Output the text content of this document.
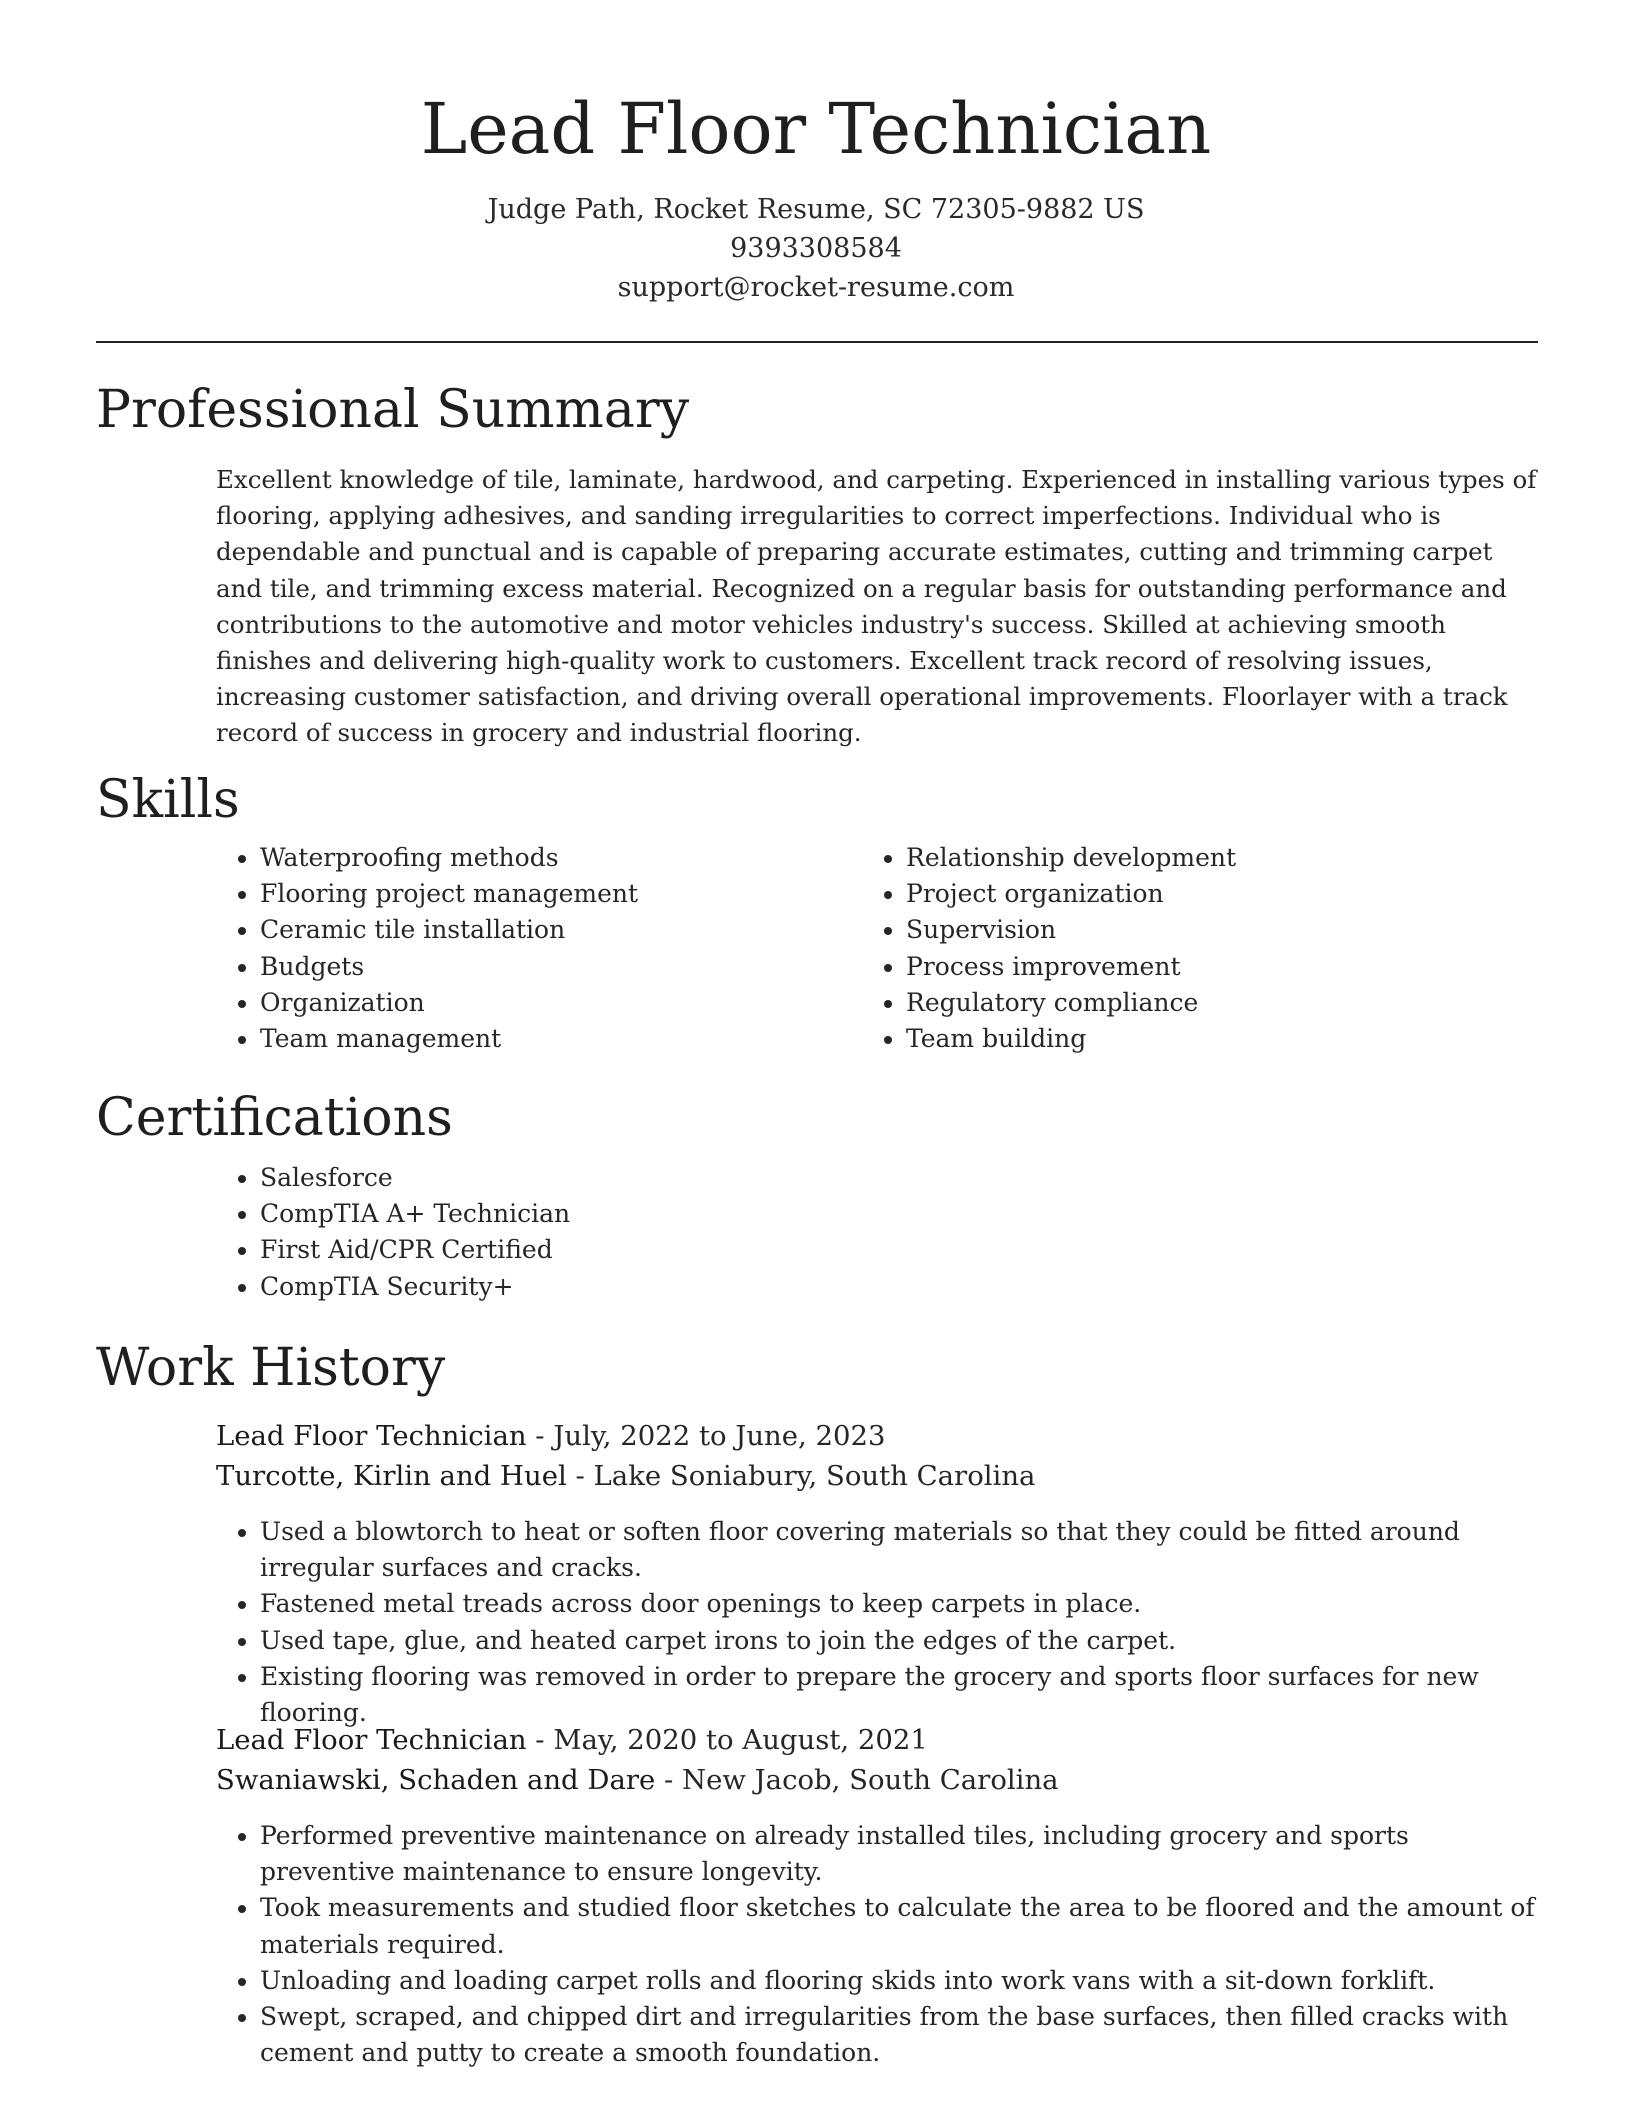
Lead Floor Technician
Judge Path, Rocket Resume, SC 72305-9882 US
9393308584
support@rocket-resume.com
Professional Summary

Excellent knowledge of tile, laminate, hardwood, and carpeting. Experienced in installing various types of flooring, applying adhesives, and sanding irregularities to correct imperfections. Individual who is dependable and punctual and is capable of preparing accurate estimates, cutting and trimming carpet and tile, and trimming excess material. Recognized on a regular basis for outstanding performance and contributions to the automotive and motor vehicles industry's success. Skilled at achieving smooth finishes and delivering high-quality work to customers. Excellent track record of resolving issues, increasing customer satisfaction, and driving overall operational improvements. Floorlayer with a track record of success in grocery and industrial flooring.

Skills
• Waterproofing methods
• Flooring project management
• Ceramic tile installation
• Budgets
• Organization
• Team management
• Relationship development
• Project organization
• Supervision
• Process improvement
• Regulatory compliance
• Team building
Certifications
• Salesforce
• CompTIA A+ Technician
• First Aid/CPR Certified
• CompTIA Security+
Work History
Lead Floor Technician - July, 2022 to June, 2023
Turcotte, Kirlin and Huel - Lake Soniabury, South Carolina
• Used a blowtorch to heat or soften floor covering materials so that they could be fitted around irregular surfaces and cracks.
• Fastened metal treads across door openings to keep carpets in place.
• Used tape, glue, and heated carpet irons to join the edges of the carpet.
• Existing flooring was removed in order to prepare the grocery and sports floor surfaces for new flooring.
Lead Floor Technician - May, 2020 to August, 2021
Swaniawski, Schaden and Dare - New Jacob, South Carolina
• Performed preventive maintenance on already installed tiles, including grocery and sports preventive maintenance to ensure longevity.
• Took measurements and studied floor sketches to calculate the area to be floored and the amount of materials required.
• Unloading and loading carpet rolls and flooring skids into work vans with a sit-down forklift.
• Swept, scraped, and chipped dirt and irregularities from the base surfaces, then filled cracks with cement and putty to create a smooth foundation.
